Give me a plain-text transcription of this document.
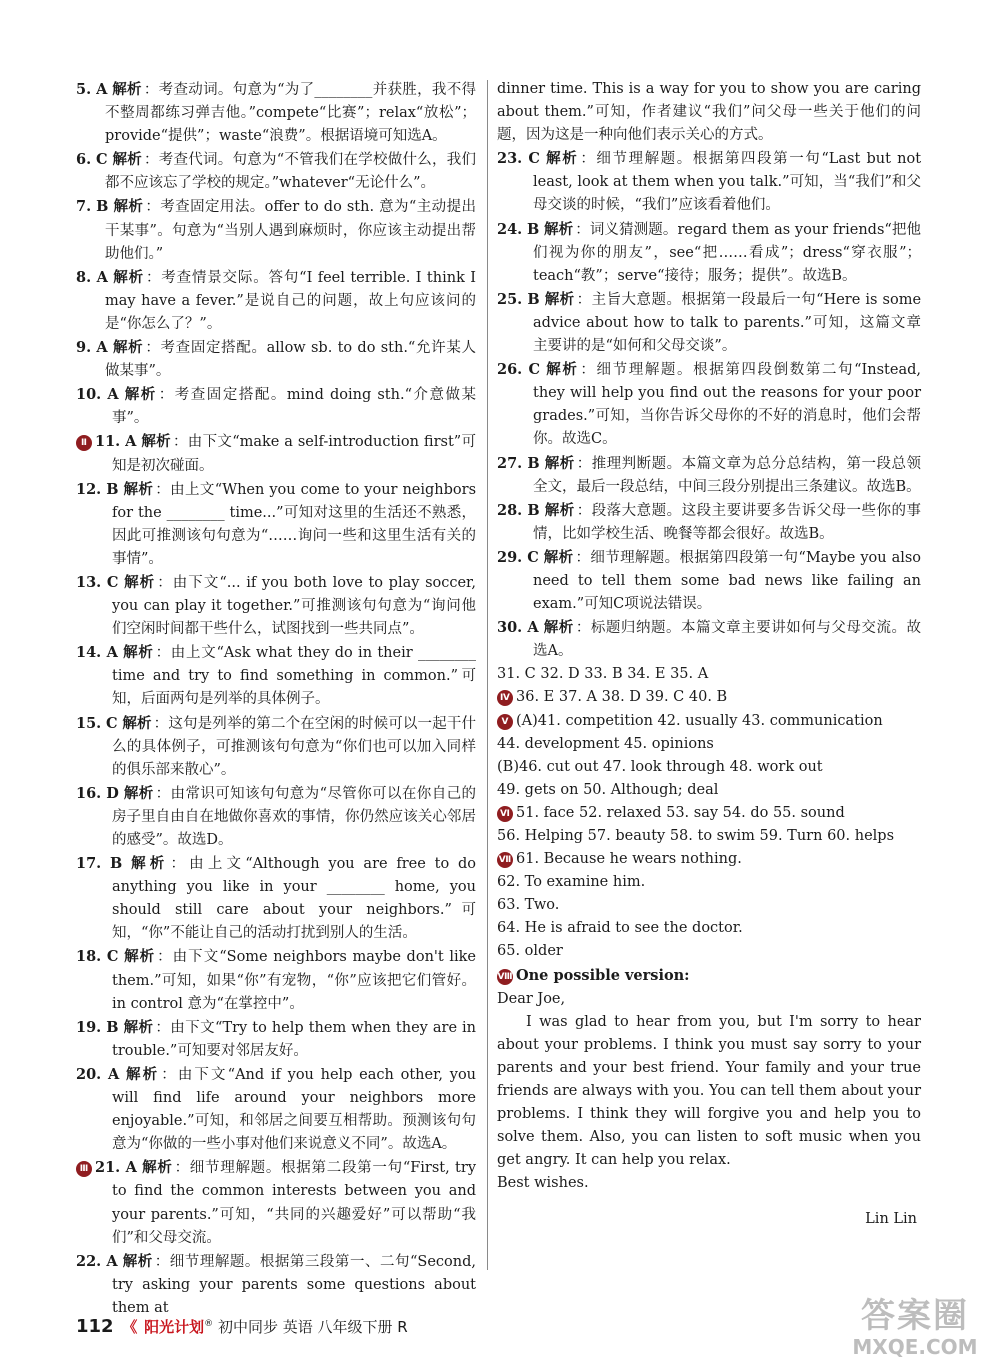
5. A 解析 ：考查动词。句意为“为了________并获胜，我不得不整周都练习弹吉他。”compete“比赛”；relax“放松”；provide“提供”；waste“浪费”。根据语境可知选A。

6. C 解析 ：考查代词。句意为“不管我们在学校做什么，我们都不应该忘了学校的规定。”whatever“无论什么”。

7. B 解析 ：考查固定用法。offer to do sth. 意为“主动提出干某事”。句意为“当别人遇到麻烦时，你应该主动提出帮助他们。”

8. A 解析 ：考查情景交际。答句“I feel terrible. I think I may have a fever.”是说自己的问题，故上句应该问的是“你怎么了？”。

9. A 解析 ：考查固定搭配。allow sb. to do sth.“允许某人做某事”。

10. A 解析 ：考查固定搭配。mind doing sth.“介意做某事”。

Ⅱ 11. A 解析 ：由下文“make a self-introduction first”可知是初次碰面。

12. B 解析 ：由上文“When you come to your neighbors for the ________ time...”可知对这里的生活还不熟悉，因此可推测该句句意为“……询问一些和这里生活有关的事情”。

13. C 解析 ：由下文“... if you both love to play soccer, you can play it together.”可推测该句句意为“询问他们空闲时间都干些什么，试图找到一些共同点”。

14. A 解析 ：由上文“Ask what they do in their ________ time and try to find something in common.”可知，后面两句是列举的具体例子。

15. C 解析 ：这句是列举的第二个在空闲的时候可以一起干什么的具体例子，可推测该句句意为“你们也可以加入同样的俱乐部来散心”。

16. D 解析 ：由常识可知该句句意为“尽管你可以在你自己的房子里自由自在地做你喜欢的事情，你仍然应该关心邻居的感受”。故选D。

17. B 解析 ：由上文“Although you are free to do anything you like in your ________ home, you should still care about your neighbors.”可知，“你”不能让自己的活动打扰到别人的生活。

18. C 解析 ：由下文“Some neighbors maybe don't like them.”可知，如果“你”有宠物，“你”应该把它们管好。in control 意为“在掌控中”。

19. B 解析 ：由下文“Try to help them when they are in trouble.”可知要对邻居友好。

20. A 解析 ：由下文“And if you help each other, you will find life around your neighbors more enjoyable.”可知，和邻居之间要互相帮助。预测该句句意为“你做的一些小事对他们来说意义不同”。故选A。

Ⅲ 21. A 解析 ：细节理解题。根据第二段第一句“First, try to find the common interests between you and your parents.”可知，“共同的兴趣爱好”可以帮助“我们”和父母交流。

22. A 解析 ：细节理解题。根据第三段第一、二句“Second, try asking your parents some questions about them at

dinner time. This is a way for you to show you are caring about them.”可知，作者建议“我们”问父母一些关于他们的问题，因为这是一种向他们表示关心的方式。

23. C 解析 ：细节理解题。根据第四段第一句“Last but not least, look at them when you talk.”可知，当“我们”和父母交谈的时候，“我们”应该看着他们。

24. B 解析 ：词义猜测题。regard them as your friends“把他们视为你的朋友”，see“把……看成”；dress“穿衣服”；teach“教”；serve“接待；服务；提供”。故选B。

25. B 解析 ：主旨大意题。根据第一段最后一句“Here is some advice about how to talk to parents.”可知，这篇文章主要讲的是“如何和父母交谈”。

26. C 解析 ：细节理解题。根据第四段倒数第二句“Instead, they will help you find out the reasons for your poor grades.”可知，当你告诉父母你的不好的消息时，他们会帮你。故选C。

27. B 解析 ：推理判断题。本篇文章为总分总结构，第一段总领全文，最后一段总结，中间三段分别提出三条建议。故选B。

28. B 解析 ：段落大意题。这段主要讲要多告诉父母一些你的事情，比如学校生活、晚餐等都会很好。故选B。

29. C 解析 ：细节理解题。根据第四段第一句“Maybe you also need to tell them some bad news like failing an exam.”可知C项说法错误。

30. A 解析 ：标题归纳题。本篇文章主要讲如何与父母交流。故选A。

31. C 32. D 33. B 34. E 35. A

Ⅳ 36. E 37. A 38. D 39. C 40. B

Ⅴ (A)41. competition 42. usually 43. communication

44. development 45. opinions

(B)46. cut out 47. look through 48. work out

49. gets on 50. Although; deal

Ⅵ 51. face 52. relaxed 53. say 54. do 55. sound

56. Helping 57. beauty 58. to swim 59. Turn 60. helps

Ⅶ 61. Because he wears nothing.

62. To examine him.

63. Two.

64. He is afraid to see the doctor.

65. older

Ⅷ One possible version:

Dear Joe,

I was glad to hear from you, but I'm sorry to hear about your problems. I think you must say sorry to your parents and your best friend. Your family and your true friends are always with you. You can tell them about your problems. I think they will forgive you and help you to solve them. Also, you can listen to soft music when you get angry. It can help you relax.

Best wishes.

Lin Lin

112 《 阳光计划® 初中同步 英语 八年级下册 R	答案圈
MXQE.COM
